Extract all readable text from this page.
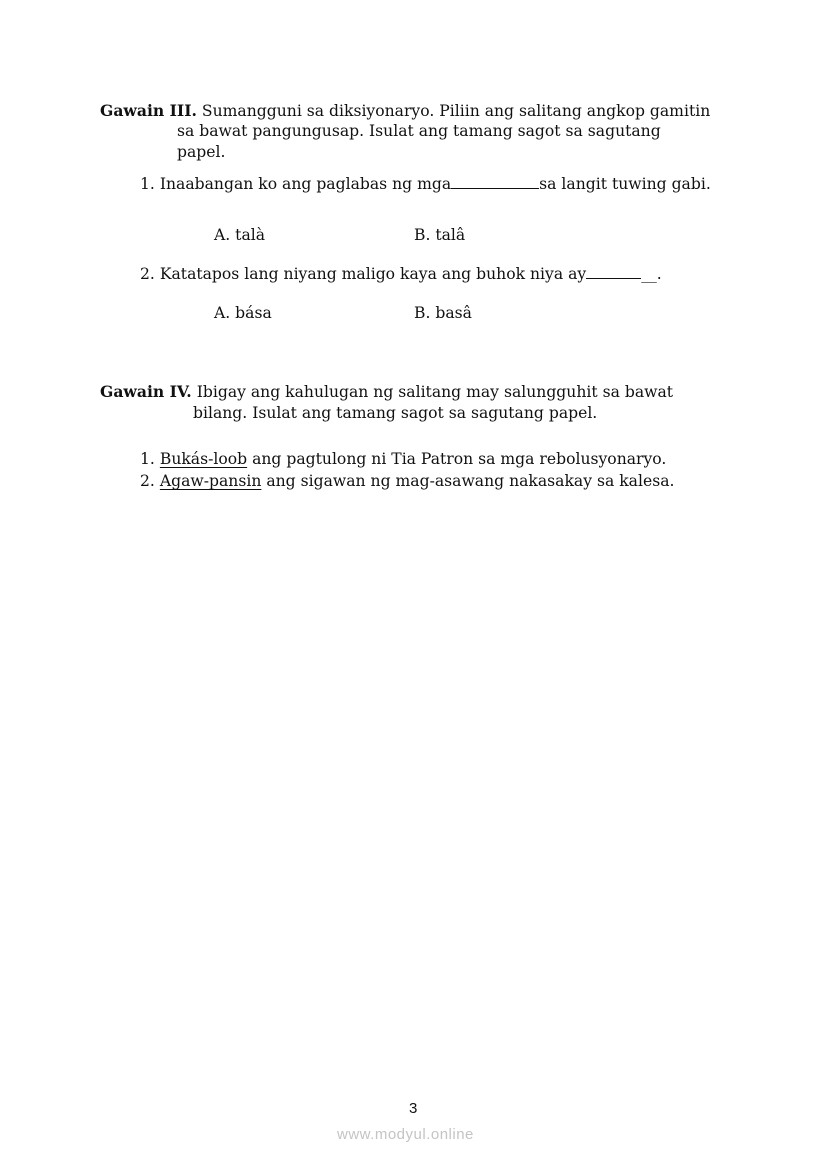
Gawain III. Sumangguni sa diksiyonaryo. Piliin ang salitang angkop gamitin
sa bawat pangungusap. Isulat ang tamang sagot sa sagutang
papel.
1. Inaabangan ko ang paglabas ng mga	sa langit tuwing gabi.
A. talà	B. talâ
2. Katatapos lang niyang maligo kaya ang buhok niya ay	__.
A. bása	B. basâ
Gawain IV. Ibigay ang kahulugan ng salitang may salungguhit sa bawat
bilang. Isulat ang tamang sagot sa sagutang papel.
1. Bukás-loob ang pagtulong ni Tia Patron sa mga rebolusyonaryo.
2. Agaw-pansin ang sigawan ng mag-asawang nakasakay sa kalesa.
3
www.modyul.online
